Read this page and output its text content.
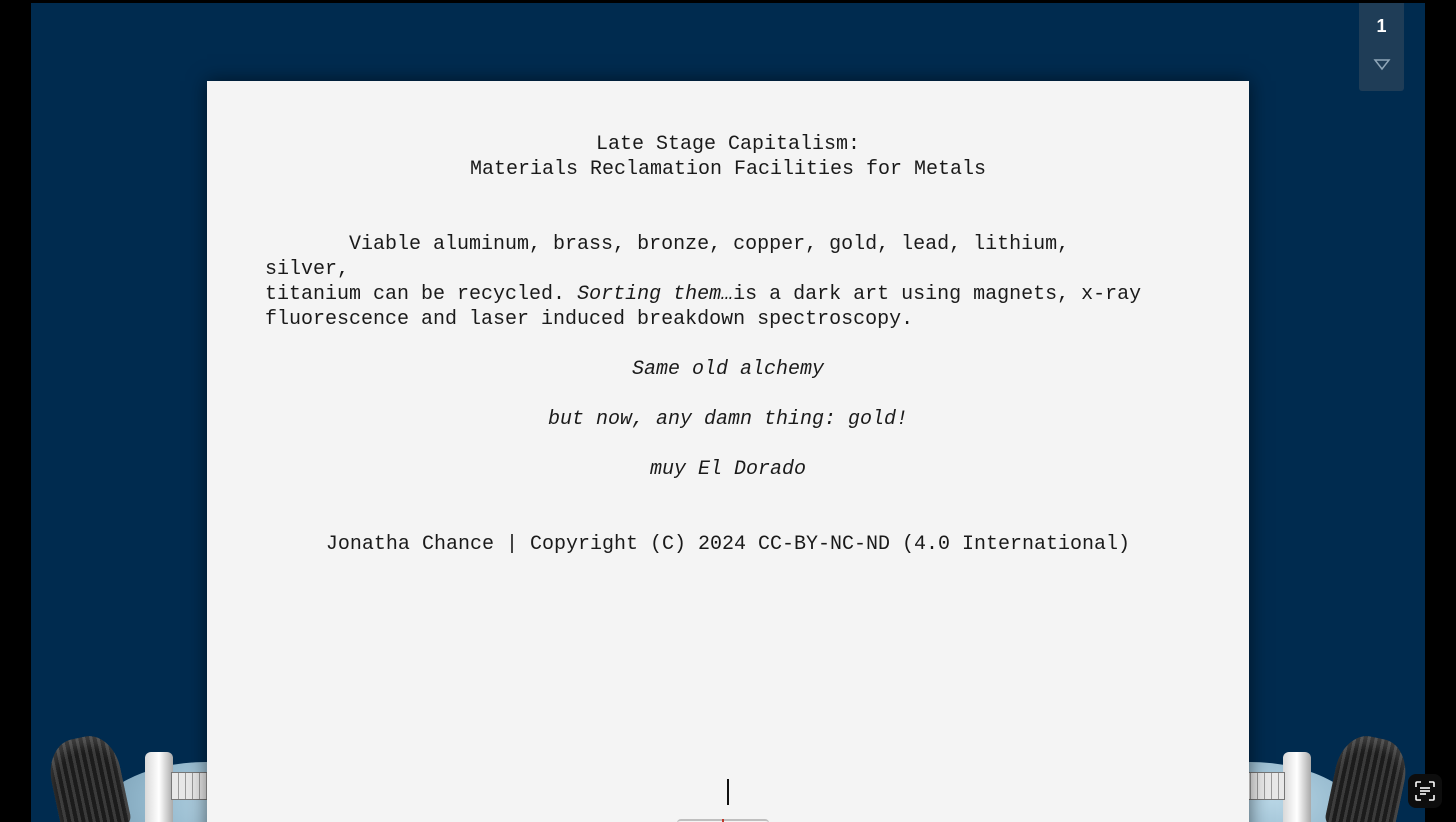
Late Stage Capitalism:
Materials Reclamation Facilities for Metals
Viable aluminum, brass, bronze, copper, gold, lead, lithium, silver,
titanium can be recycled. Sorting them…is a dark art using magnets, x-ray
fluorescence and laser induced breakdown spectroscopy.
Same old alchemy
but now, any damn thing: gold!
muy El Dorado
Jonatha Chance | Copyright (C) 2024 CC-BY-NC-ND (4.0 International)
1
